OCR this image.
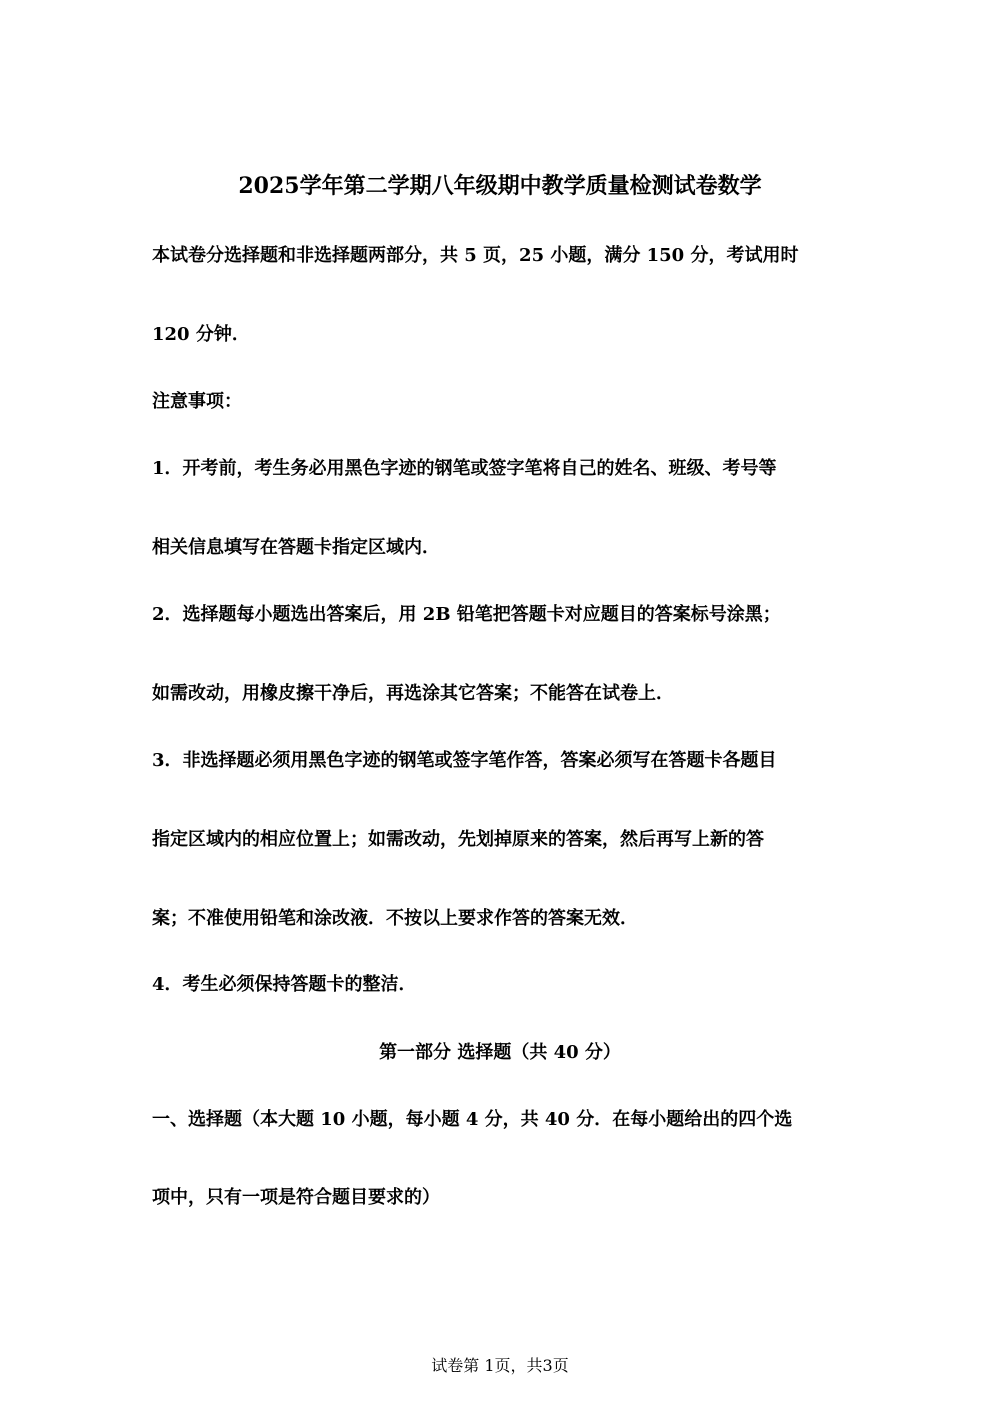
2025学年第二学期八年级期中教学质量检测试卷数学
本试卷分选择题和非选择题两部分，共 5 页，25 小题，满分 150 分，考试用时
120 分钟．
注意事项：
1．开考前，考生务必用黑色字迹的钢笔或签字笔将自己的姓名、班级、考号等
相关信息填写在答题卡指定区域内．
2．选择题每小题选出答案后，用 2B 铅笔把答题卡对应题目的答案标号涂黑；
如需改动，用橡皮擦干净后，再选涂其它答案；不能答在试卷上．
3．非选择题必须用黑色字迹的钢笔或签字笔作答，答案必须写在答题卡各题目
指定区域内的相应位置上；如需改动，先划掉原来的答案，然后再写上新的答
案；不准使用铅笔和涂改液．不按以上要求作答的答案无效．
4．考生必须保持答题卡的整洁．
第一部分 选择题（共 40 分）
一、选择题（本大题 10 小题，每小题 4 分，共 40 分．在每小题给出的四个选
项中，只有一项是符合题目要求的）
试卷第 1页，共3页
